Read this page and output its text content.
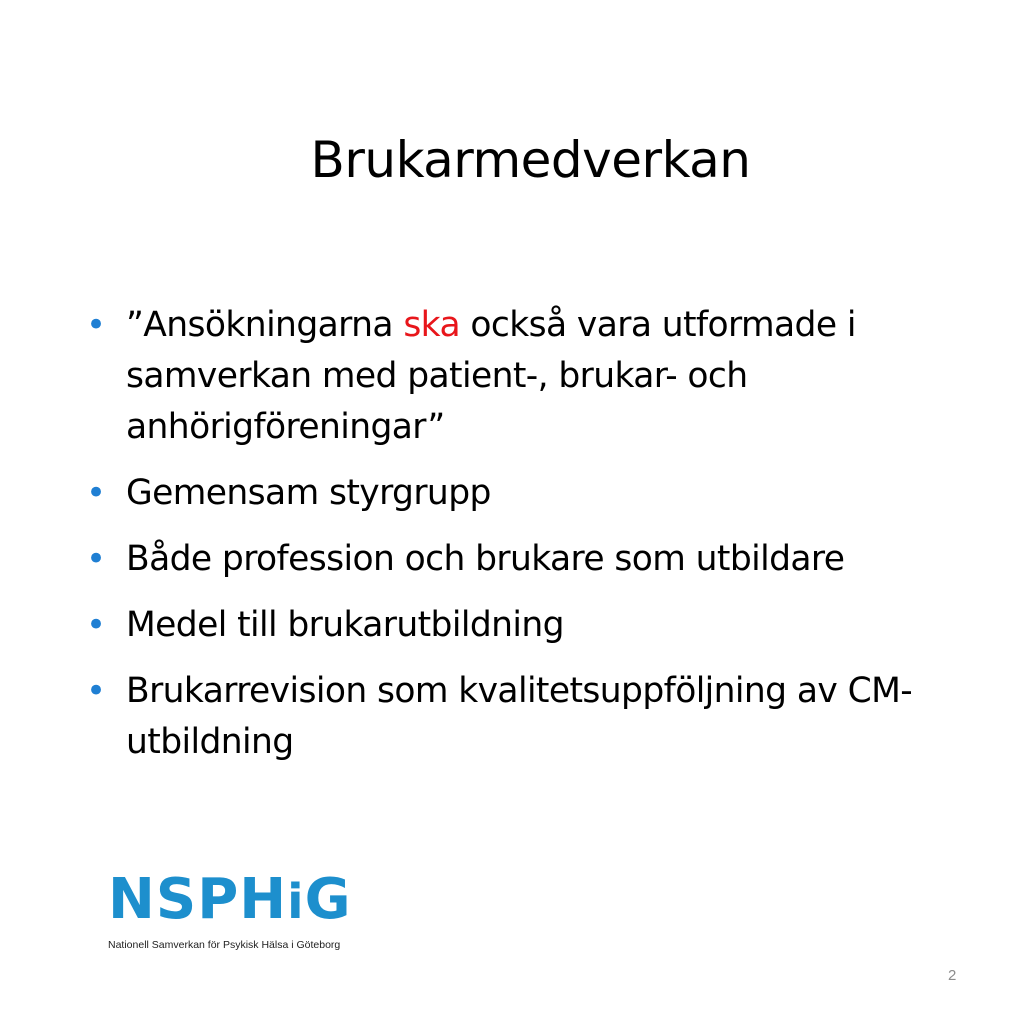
Brukarmedverkan
• ”Ansökningarna ska också vara utformade i samverkan med patient-, brukar- och anhörigföreningar”
• Gemensam styrgrupp
• Både profession och brukare som utbildare
• Medel till brukarutbildning
• Brukarrevision som kvalitetsuppföljning av CM-utbildning
NSPHiG
Nationell Samverkan för Psykisk Hälsa i Göteborg
2
